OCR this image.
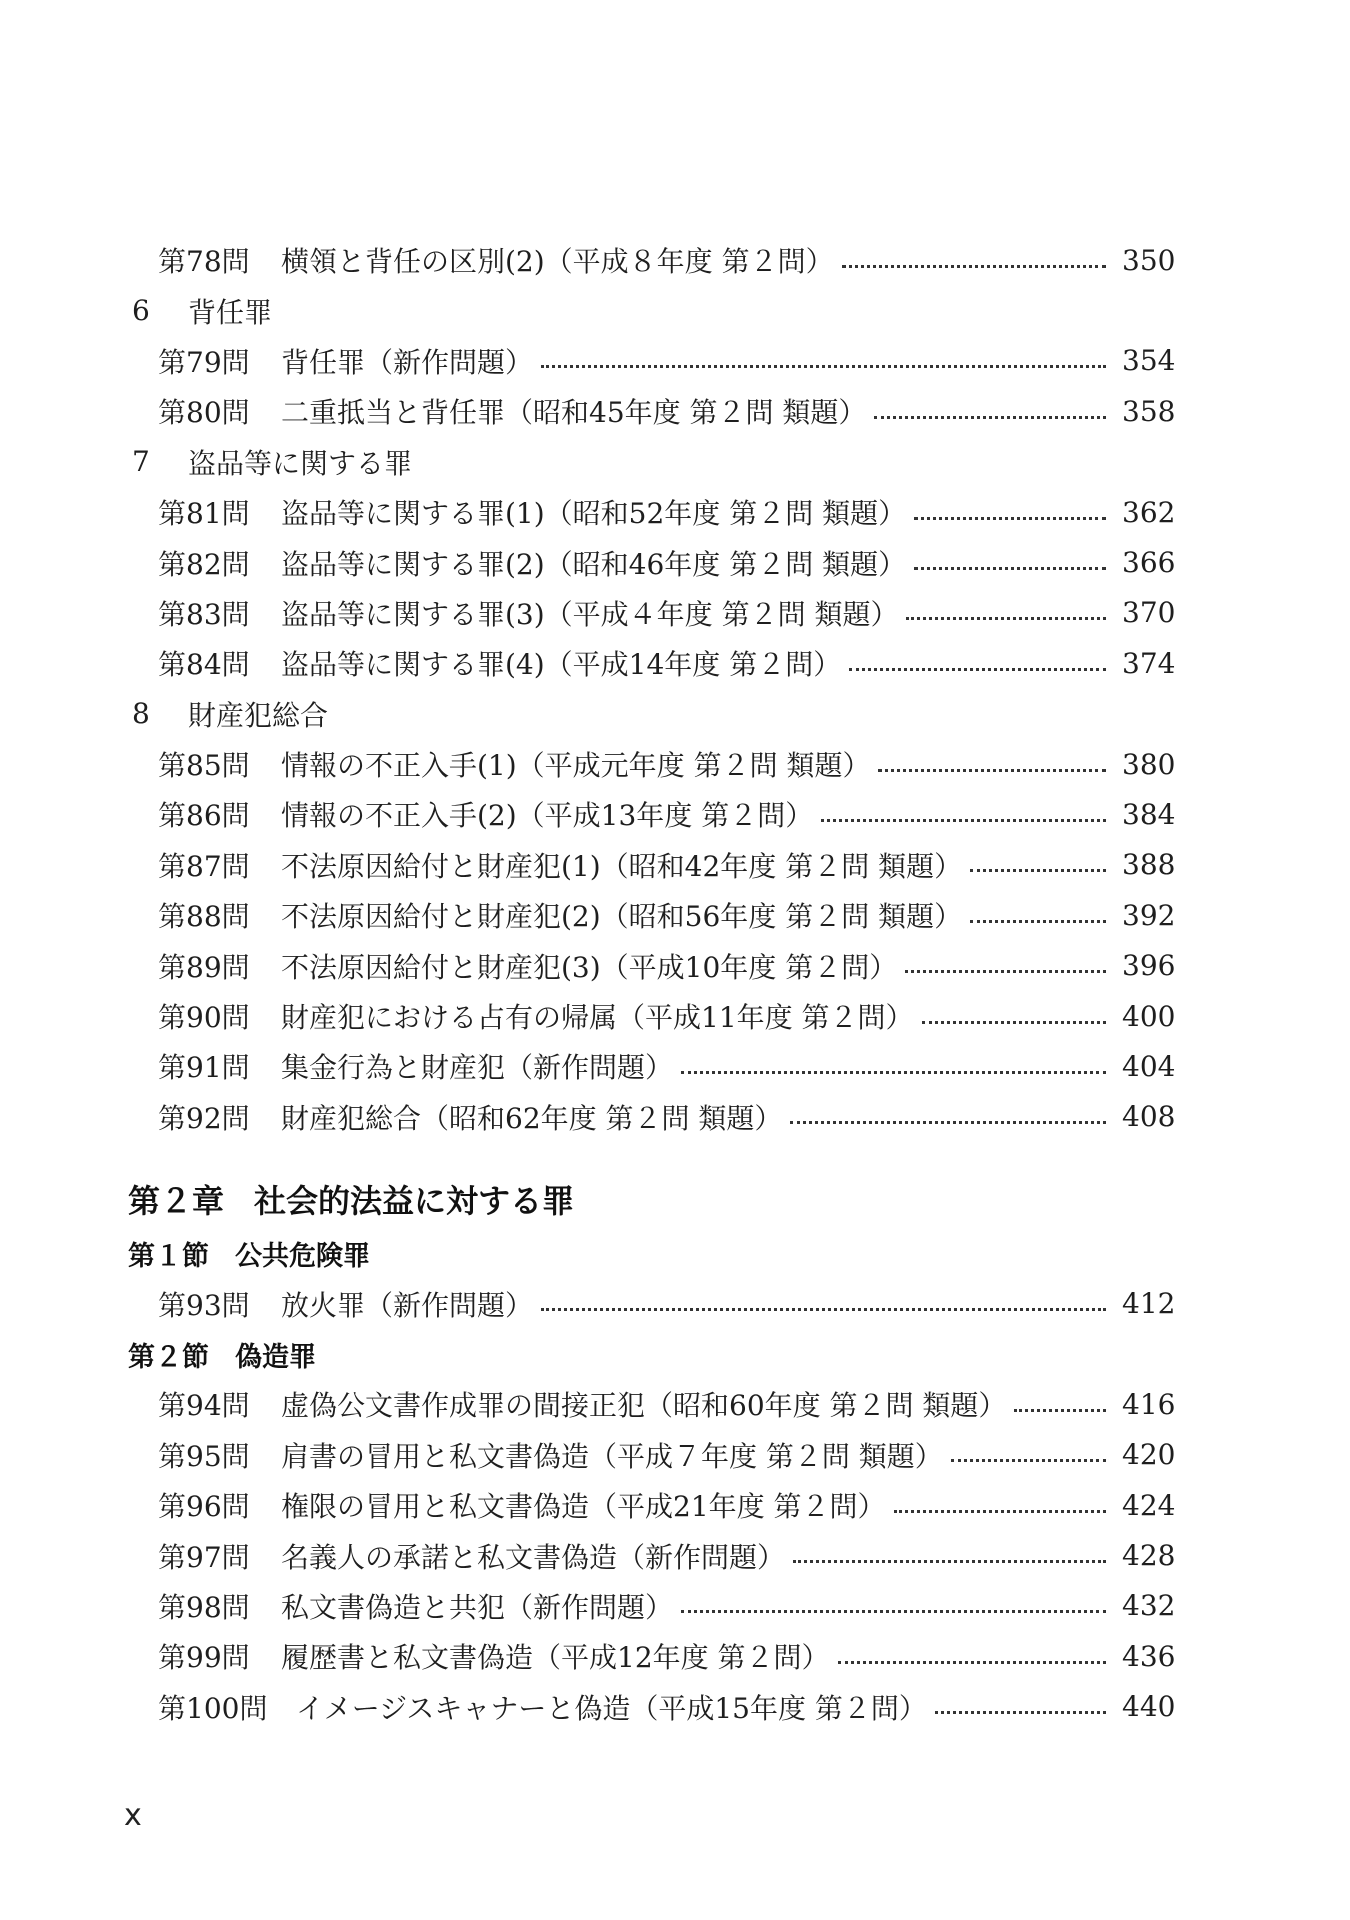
第78問	横領と背任の区別(2)（平成８年度 第２問）	350
6	背任罪
第79問	背任罪（新作問題）	354
第80問	二重抵当と背任罪（昭和45年度 第２問 類題）	358
7	盗品等に関する罪
第81問	盗品等に関する罪(1)（昭和52年度 第２問 類題）	362
第82問	盗品等に関する罪(2)（昭和46年度 第２問 類題）	366
第83問	盗品等に関する罪(3)（平成４年度 第２問 類題）	370
第84問	盗品等に関する罪(4)（平成14年度 第２問）	374
8	財産犯総合
第85問	情報の不正入手(1)（平成元年度 第２問 類題）	380
第86問	情報の不正入手(2)（平成13年度 第２問）	384
第87問	不法原因給付と財産犯(1)（昭和42年度 第２問 類題）	388
第88問	不法原因給付と財産犯(2)（昭和56年度 第２問 類題）	392
第89問	不法原因給付と財産犯(3)（平成10年度 第２問）	396
第90問	財産犯における占有の帰属（平成11年度 第２問）	400
第91問	集金行為と財産犯（新作問題）	404
第92問	財産犯総合（昭和62年度 第２問 類題）	408
第２章 社会的法益に対する罪
第１節 公共危険罪
第93問	放火罪（新作問題）	412
第２節 偽造罪
第94問	虚偽公文書作成罪の間接正犯（昭和60年度 第２問 類題）	416
第95問	肩書の冒用と私文書偽造（平成７年度 第２問 類題）	420
第96問	権限の冒用と私文書偽造（平成21年度 第２問）	424
第97問	名義人の承諾と私文書偽造（新作問題）	428
第98問	私文書偽造と共犯（新作問題）	432
第99問	履歴書と私文書偽造（平成12年度 第２問）	436
第100問	イメージスキャナーと偽造（平成15年度 第２問）	440
x
